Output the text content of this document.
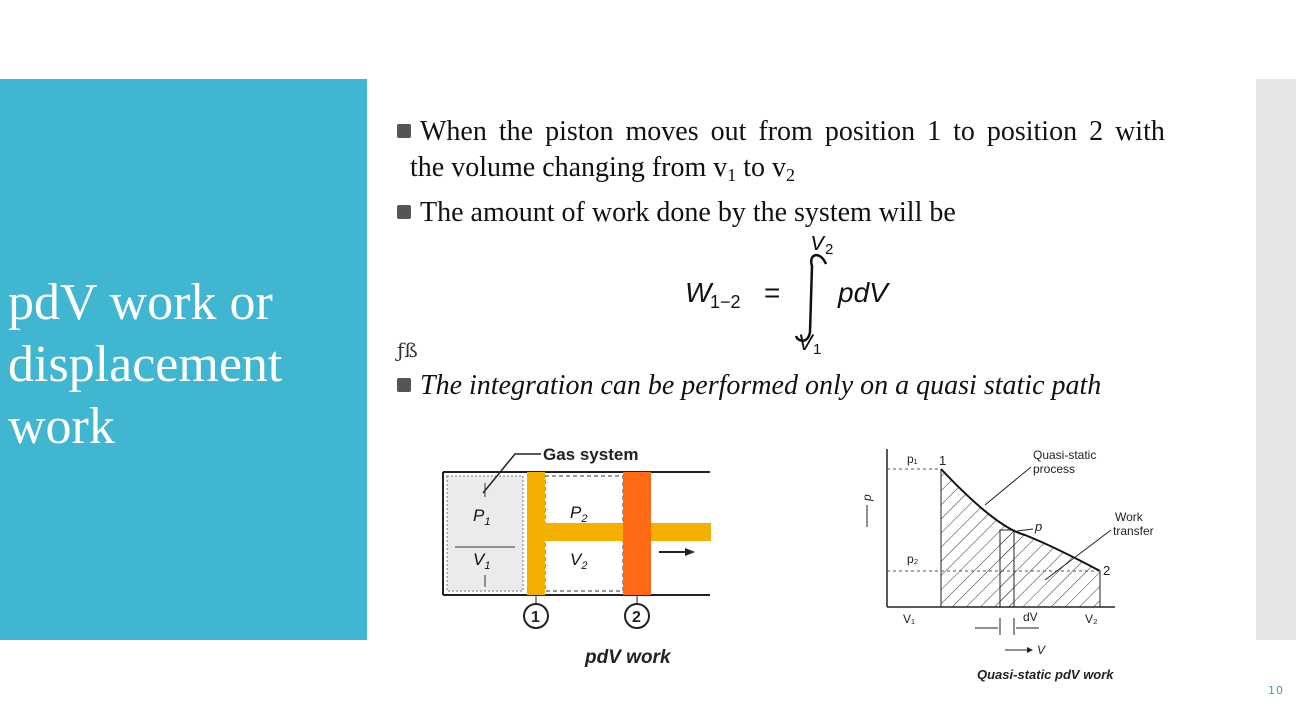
pdV work or
displacement
work
When the piston moves out from position 1 to position 2 with
the volume changing from $v_1$ to $v_2$
The amount of work done by the system will be
W
1−2 =
V 2
V 1
pdV
ƒß
The integration can be performed only on a quasi static path
Gas system
$P_1$
$V_1$
$P_2$
$V_2$
1	2
pdV work
p₁
p₂
1
2
p
V₁	V₂
dV
V
p
Quasi-static
process
Work
transfer
Quasi-static pdV work
10
